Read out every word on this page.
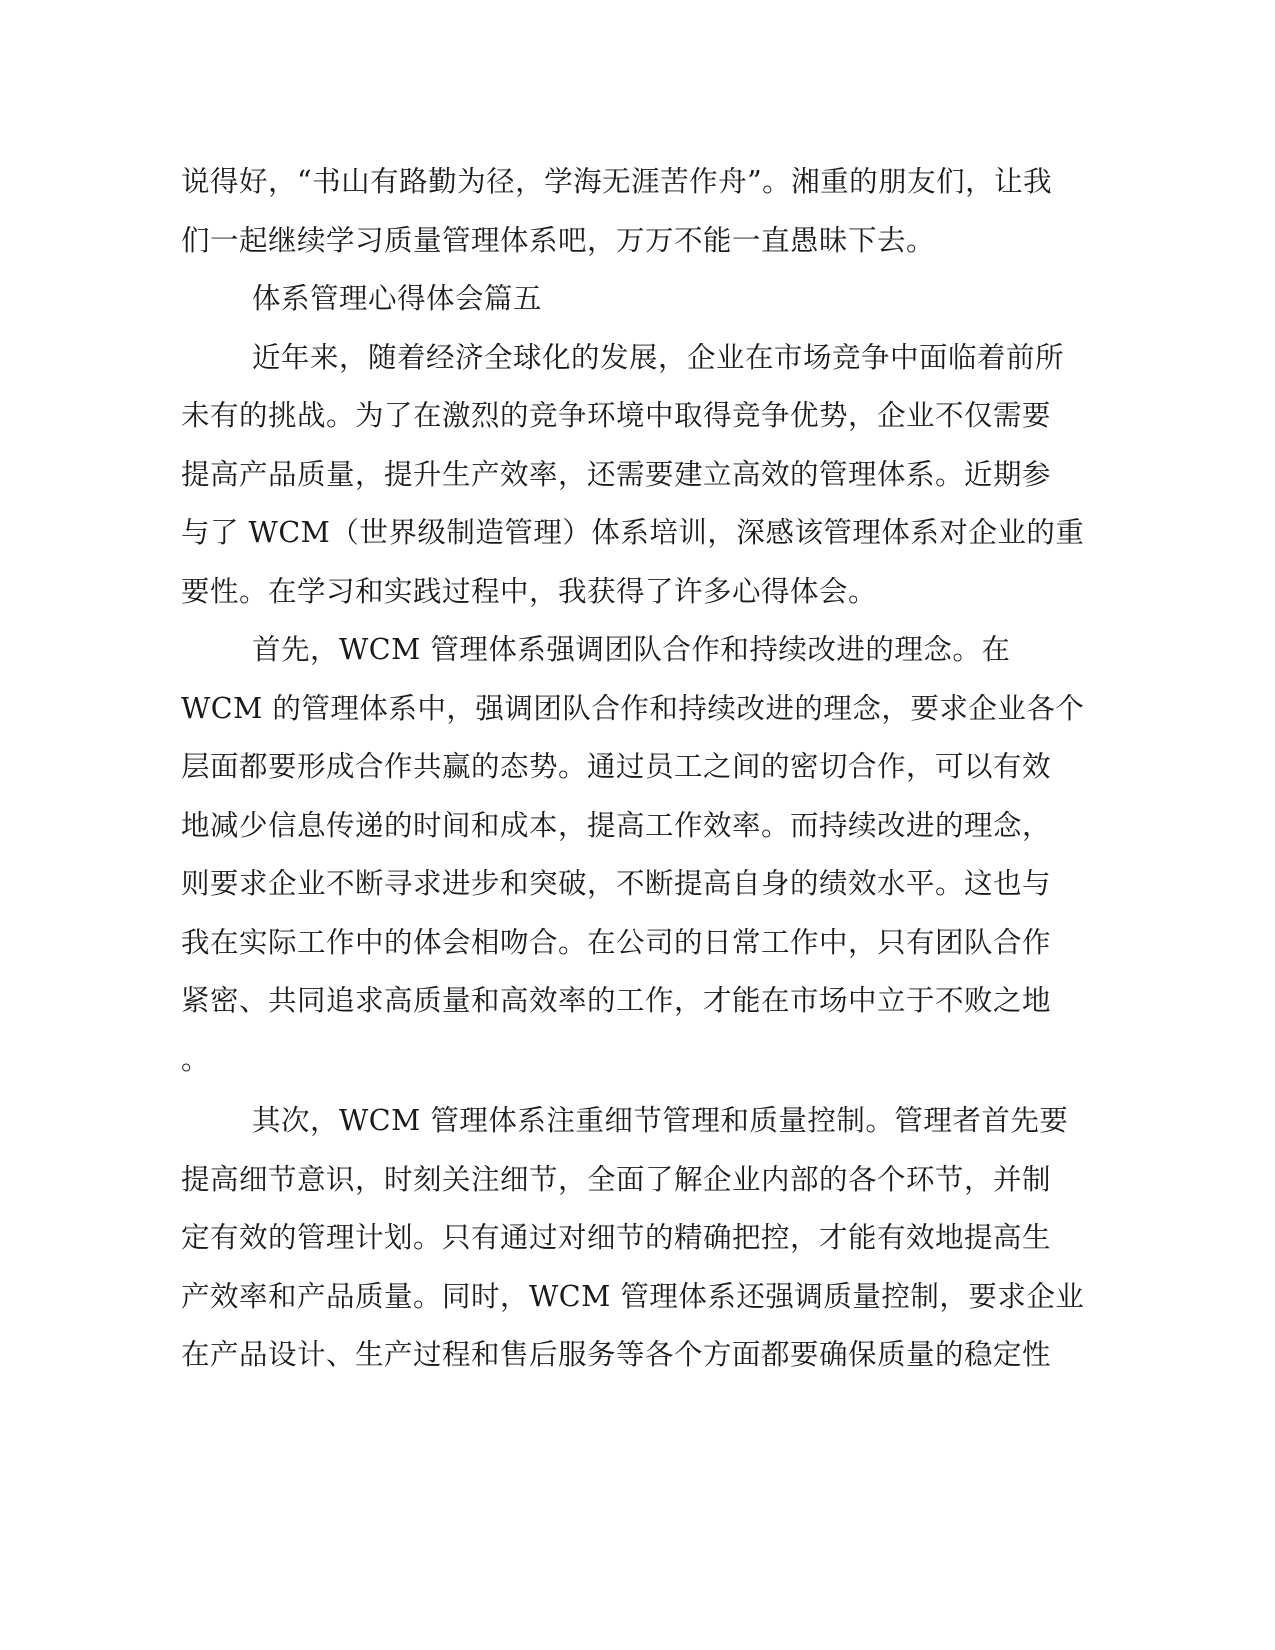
说得好，“书山有路勤为径，学海无涯苦作舟”。湘重的朋友们，让我
们一起继续学习质量管理体系吧，万万不能一直愚昧下去。
体系管理心得体会篇五
近年来，随着经济全球化的发展，企业在市场竞争中面临着前所
未有的挑战。为了在激烈的竞争环境中取得竞争优势，企业不仅需要
提高产品质量，提升生产效率，还需要建立高效的管理体系。近期参
与了 WCM（世界级制造管理）体系培训，深感该管理体系对企业的重
要性。在学习和实践过程中，我获得了许多心得体会。
首先，WCM 管理体系强调团队合作和持续改进的理念。在
WCM 的管理体系中，强调团队合作和持续改进的理念，要求企业各个
层面都要形成合作共赢的态势。通过员工之间的密切合作，可以有效
地减少信息传递的时间和成本，提高工作效率。而持续改进的理念，
则要求企业不断寻求进步和突破，不断提高自身的绩效水平。这也与
我在实际工作中的体会相吻合。在公司的日常工作中，只有团队合作
紧密、共同追求高质量和高效率的工作，才能在市场中立于不败之地
。
其次，WCM 管理体系注重细节管理和质量控制。管理者首先要
提高细节意识，时刻关注细节，全面了解企业内部的各个环节，并制
定有效的管理计划。只有通过对细节的精确把控，才能有效地提高生
产效率和产品质量。同时，WCM 管理体系还强调质量控制，要求企业
在产品设计、生产过程和售后服务等各个方面都要确保质量的稳定性
